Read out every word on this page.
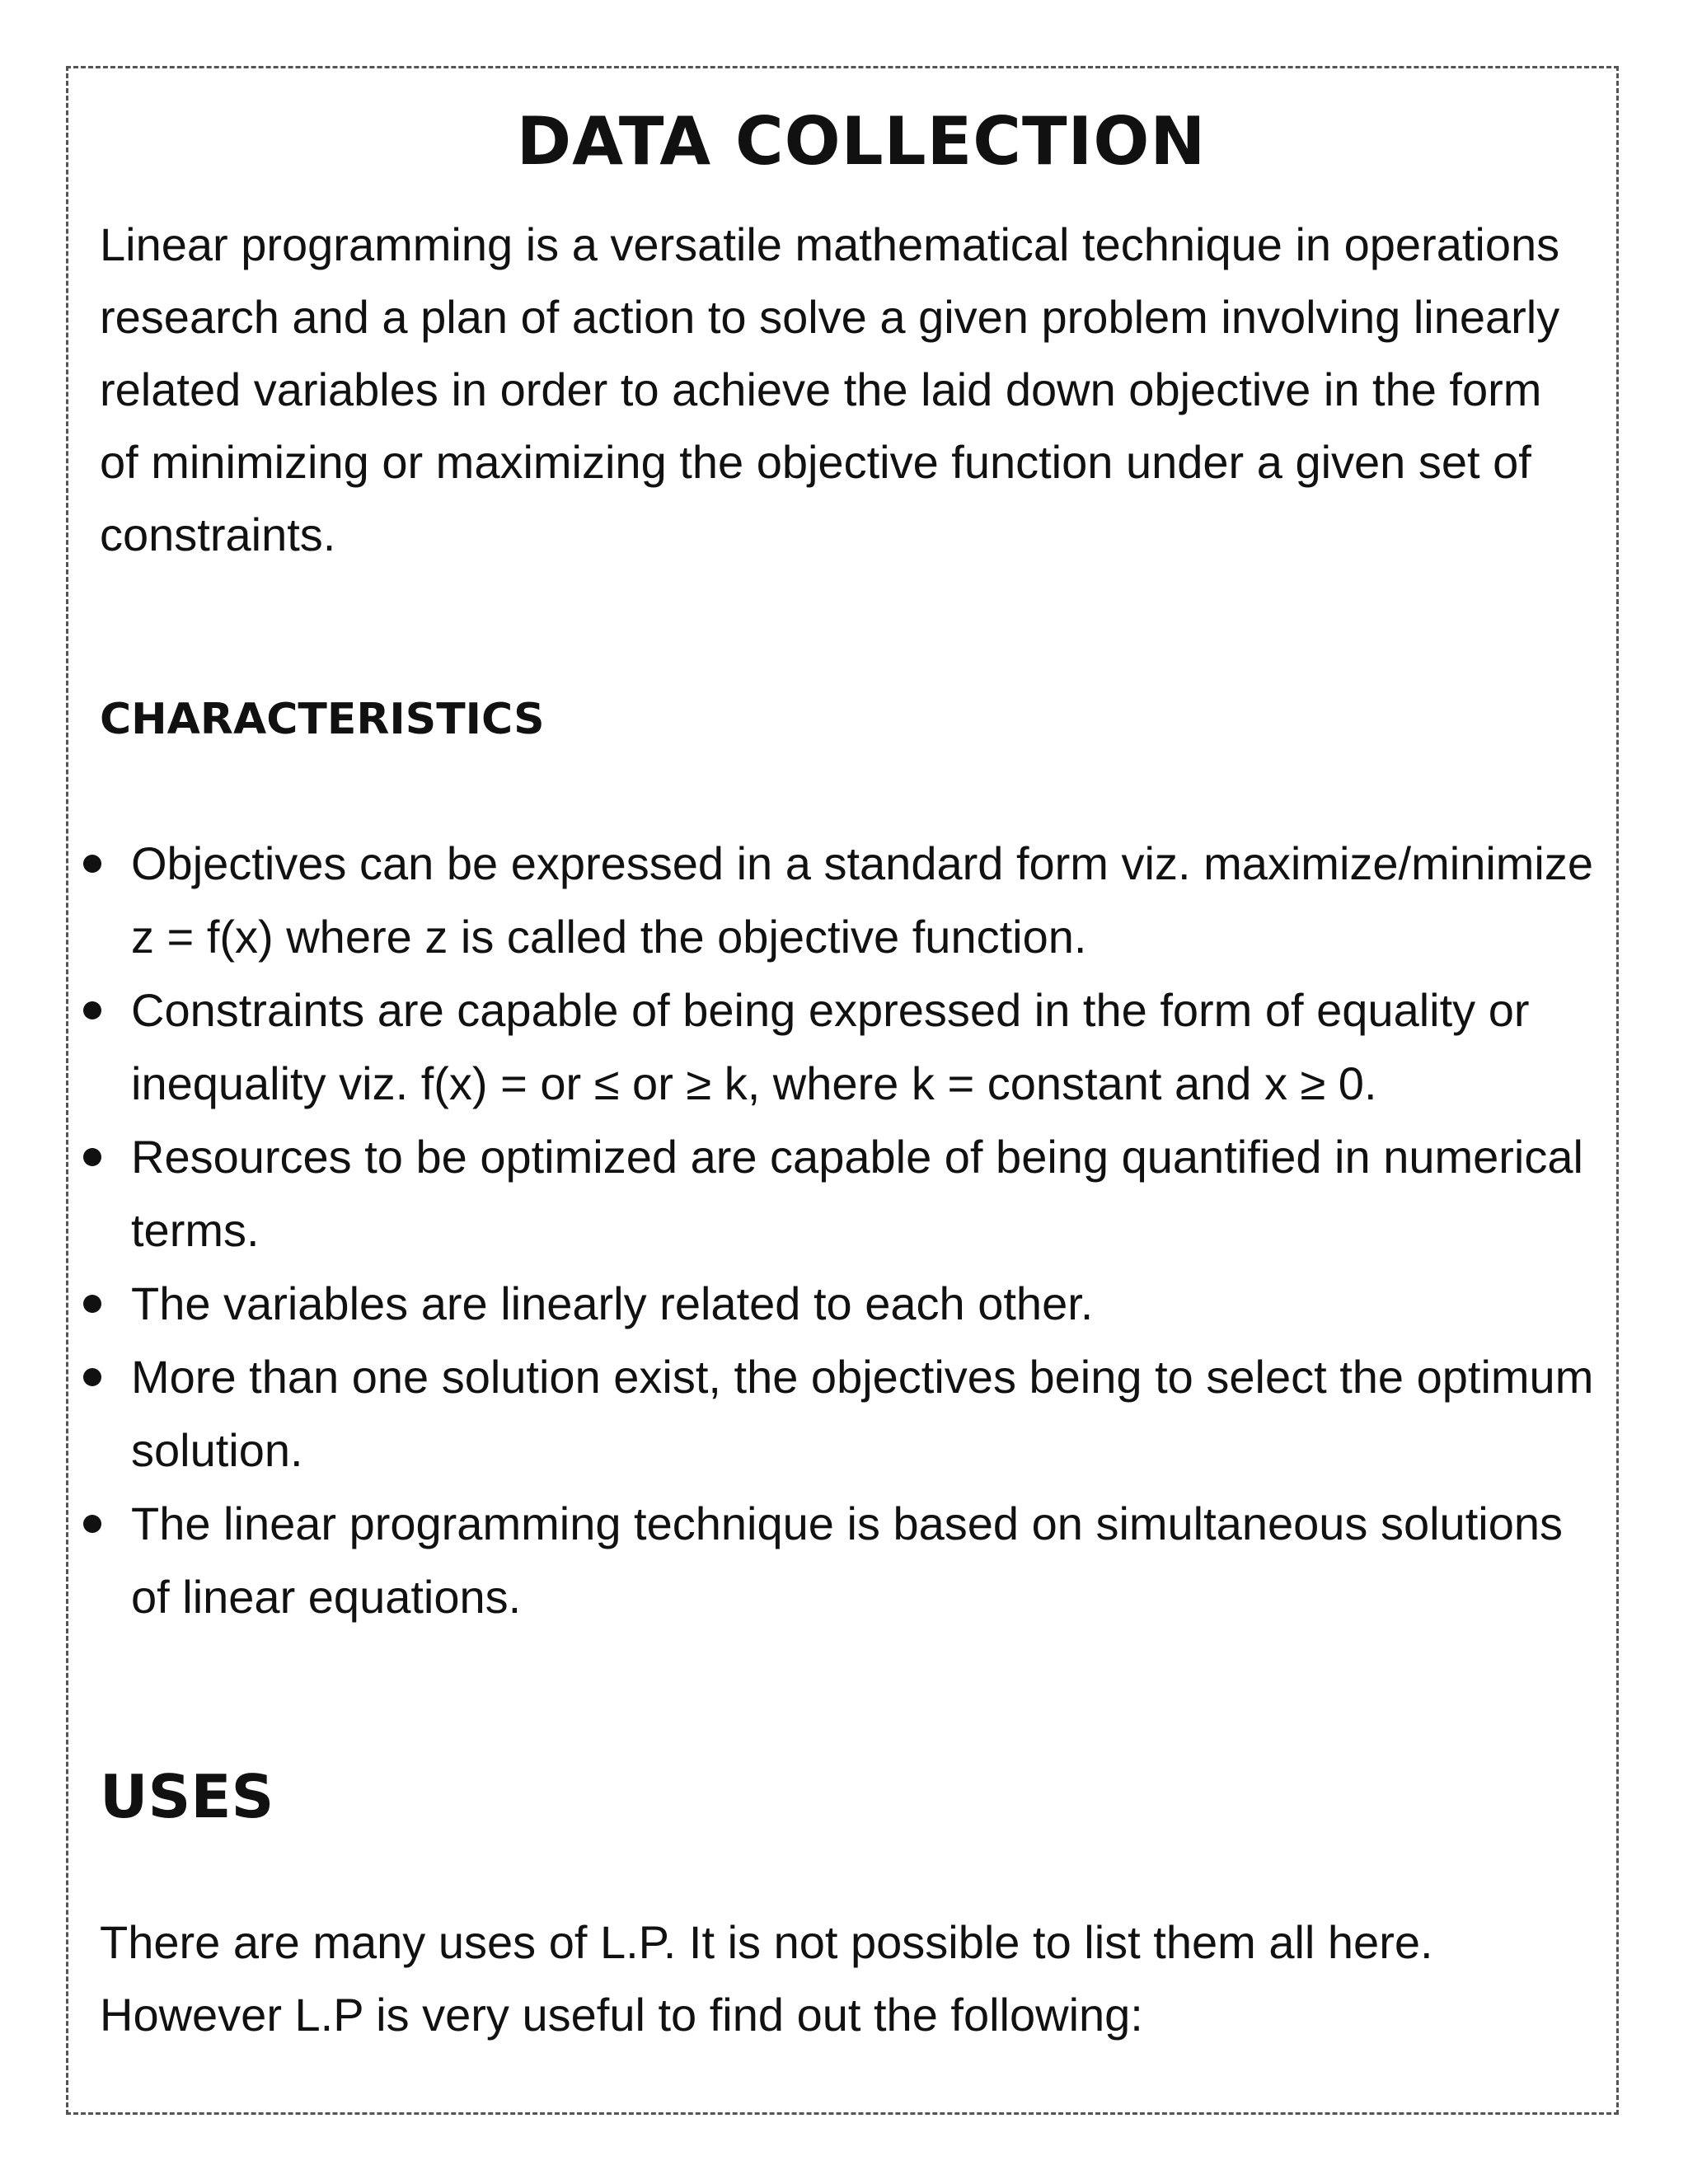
DATA COLLECTION

Linear programming is a versatile mathematical technique in operations research and a plan of action to solve a given problem involving linearly related variables in order to achieve the laid down objective in the form of minimizing or maximizing the objective function under a given set of constraints.

CHARACTERISTICS
Objectives can be expressed in a standard form viz. maximize/minimize z = f(x) where z is called the objective function.
Constraints are capable of being expressed in the form of equality or inequality viz. f(x) = or ≤ or ≥ k, where k = constant and x ≥ 0.
Resources to be optimized are capable of being quantified in numerical terms.
The variables are linearly related to each other.
More than one solution exist, the objectives being to select the optimum solution.
The linear programming technique is based on simultaneous solutions of linear equations.
USES

There are many uses of L.P. It is not possible to list them all here. However L.P is very useful to find out the following:
